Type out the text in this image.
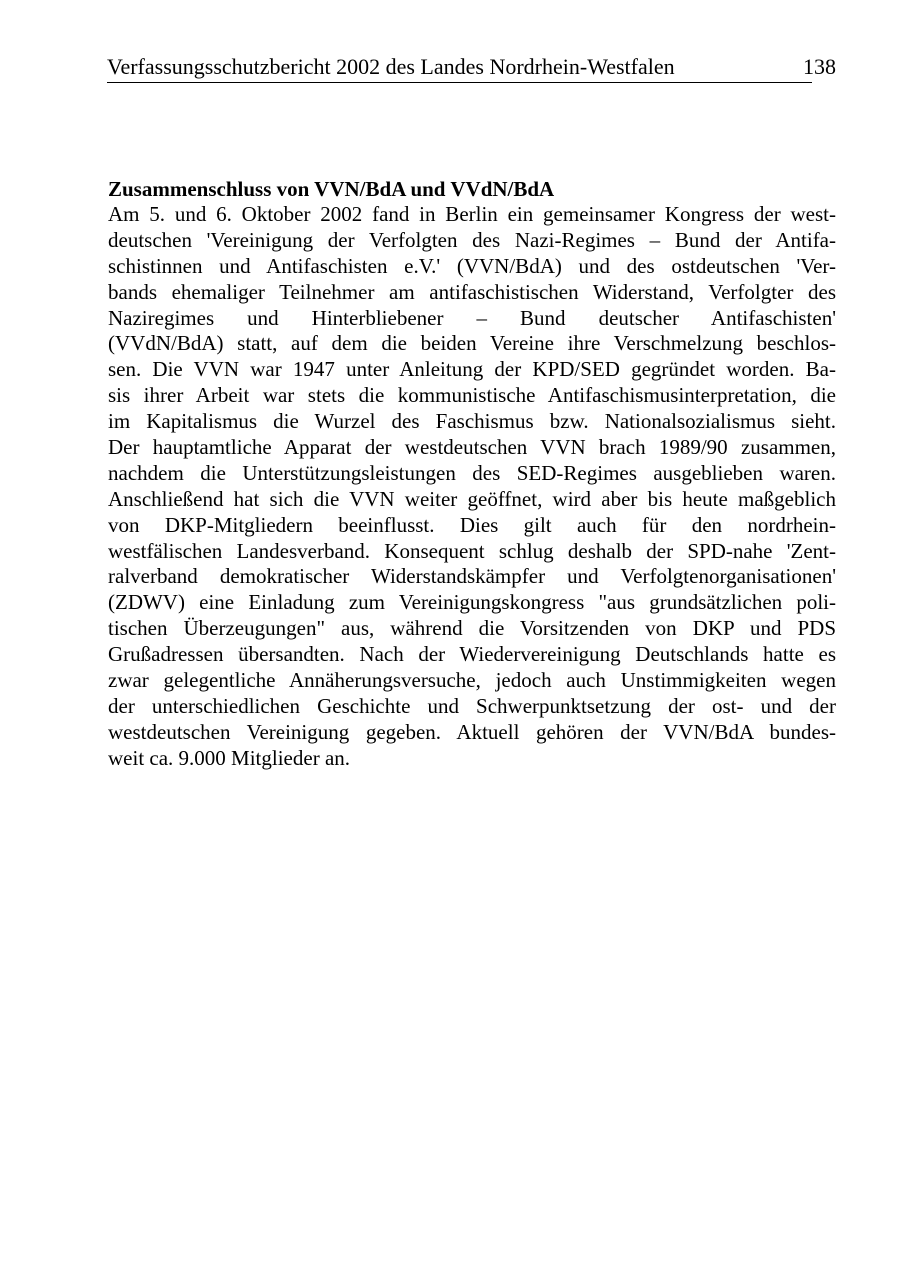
Verfassungsschutzbericht 2002 des Landes Nordrhein-Westfalen	138
Zusammenschluss von VVN/BdA und VVdN/BdA

Am 5. und 6. Oktober 2002 fand in Berlin ein gemeinsamer Kongress der west-
deutschen 'Vereinigung der Verfolgten des Nazi-Regimes – Bund der Antifa-
schistinnen und Antifaschisten e.V.' (VVN/BdA) und des ostdeutschen 'Ver-
bands ehemaliger Teilnehmer am antifaschistischen Widerstand, Verfolgter des
Naziregimes und Hinterbliebener – Bund deutscher Antifaschisten'
(VVdN/BdA) statt, auf dem die beiden Vereine ihre Verschmelzung beschlos-
sen. Die VVN war 1947 unter Anleitung der KPD/SED gegründet worden. Ba-
sis ihrer Arbeit war stets die kommunistische Antifaschismusinterpretation, die
im Kapitalismus die Wurzel des Faschismus bzw. Nationalsozialismus sieht.
Der hauptamtliche Apparat der westdeutschen VVN brach 1989/90 zusammen,
nachdem die Unterstützungsleistungen des SED-Regimes ausgeblieben waren.
Anschließend hat sich die VVN weiter geöffnet, wird aber bis heute maßgeblich
von DKP-Mitgliedern beeinflusst. Dies gilt auch für den nordrhein-
westfälischen Landesverband. Konsequent schlug deshalb der SPD-nahe 'Zent-
ralverband demokratischer Widerstandskämpfer und Verfolgtenorganisationen'
(ZDWV) eine Einladung zum Vereinigungskongress "aus grundsätzlichen poli-
tischen Überzeugungen" aus, während die Vorsitzenden von DKP und PDS
Grußadressen übersandten. Nach der Wiedervereinigung Deutschlands hatte es
zwar gelegentliche Annäherungsversuche, jedoch auch Unstimmigkeiten wegen
der unterschiedlichen Geschichte und Schwerpunktsetzung der ost- und der
westdeutschen Vereinigung gegeben. Aktuell gehören der VVN/BdA bundes-
weit ca. 9.000 Mitglieder an.
